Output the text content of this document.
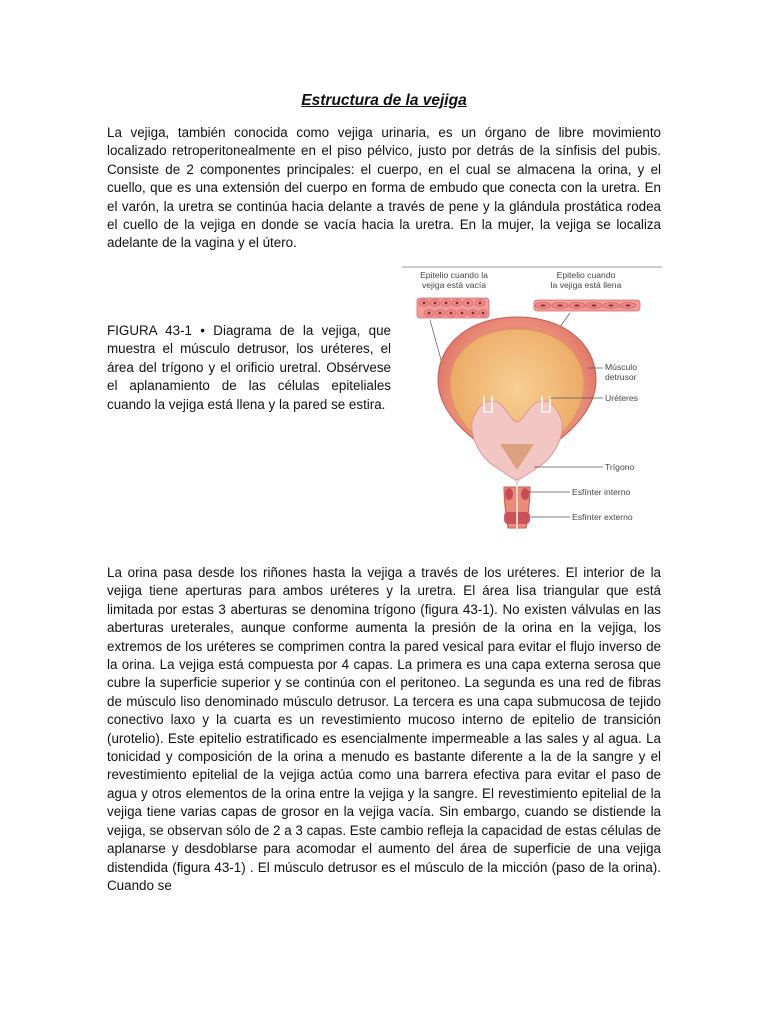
Estructura de la vejiga

La vejiga, también conocida como vejiga urinaria, es un órgano de libre movimiento localizado retroperitonealmente en el piso pélvico, justo por detrás de la sínfisis del pubis. Consiste de 2 componentes principales: el cuerpo, en el cual se almacena la orina, y el cuello, que es una extensión del cuerpo en forma de embudo que conecta con la uretra. En el varón, la uretra se continúa hacia delante a través de pene y la glándula prostática rodea el cuello de la vejiga en donde se vacía hacia la uretra. En la mujer, la vejiga se localiza adelante de la vagina y el útero.

FIGURA 43-1 • Diagrama de la vejiga, que muestra el músculo detrusor, los uréteres, el área del trígono y el orificio uretral. Obsérvese el aplanamiento de las células epiteliales cuando la vejiga está llena y la pared se estira.

Epitelio cuando la
vejiga está vacía
Epitelio cuando
la vejiga está llena
Músculo
detrusor
Uréteres
Trígono
Esfínter interno
Esfínter externo

La orina pasa desde los riñones hasta la vejiga a través de los uréteres. El interior de la vejiga tiene aperturas para ambos uréteres y la uretra. El área lisa triangular que está limitada por estas 3 aberturas se denomina trígono (figura 43-1). No existen válvulas en las aberturas ureterales, aunque conforme aumenta la presión de la orina en la vejiga, los extremos de los uréteres se comprimen contra la pared vesical para evitar el flujo inverso de la orina. La vejiga está compuesta por 4 capas. La primera es una capa externa serosa que cubre la superficie superior y se continúa con el peritoneo. La segunda es una red de fibras de músculo liso denominado músculo detrusor. La tercera es una capa submucosa de tejido conectivo laxo y la cuarta es un revestimiento mucoso interno de epitelio de transición (urotelio). Este epitelio estratificado es esencialmente impermeable a las sales y al agua. La tonicidad y composición de la orina a menudo es bastante diferente a la de la sangre y el revestimiento epitelial de la vejiga actúa como una barrera efectiva para evitar el paso de agua y otros elementos de la orina entre la vejiga y la sangre. El revestimiento epitelial de la vejiga tiene varias capas de grosor en la vejiga vacía. Sin embargo, cuando se distiende la vejiga, se observan sólo de 2 a 3 capas. Este cambio refleja la capacidad de estas células de aplanarse y desdoblarse para acomodar el aumento del área de superficie de una vejiga distendida (figura 43-1) . El músculo detrusor es el músculo de la micción (paso de la orina). Cuando se
